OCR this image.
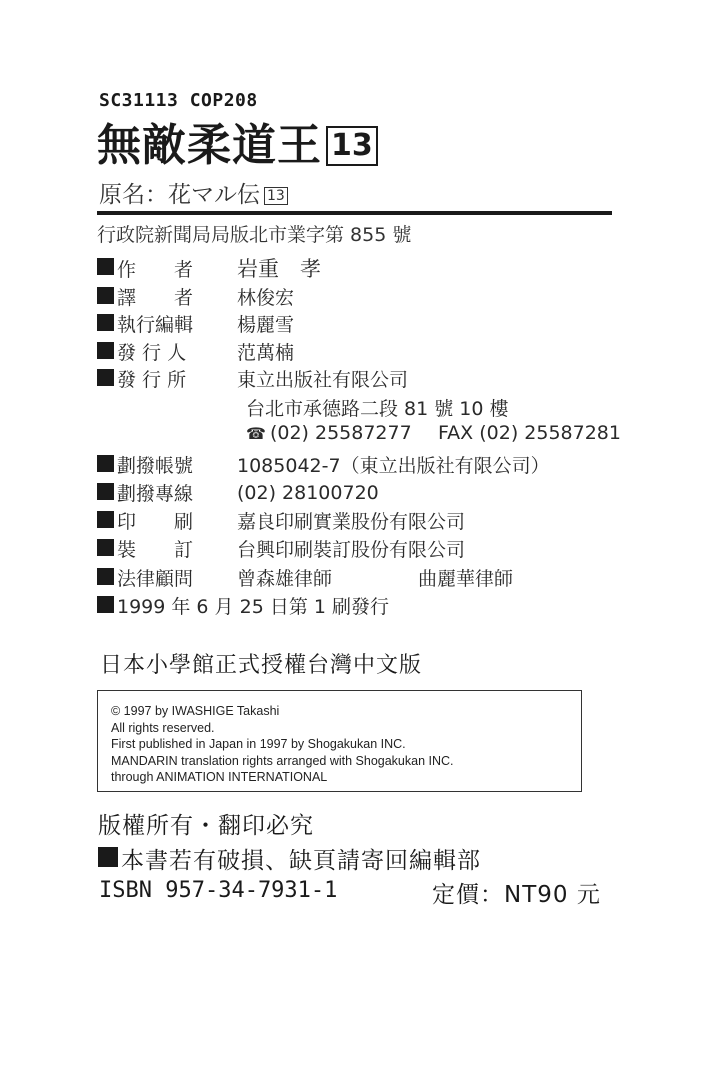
SC31113 COP208
無敵柔道王 13
原名：花マル伝 13
行政院新聞局局版北市業字第 855 號
作　　者 岩重　孝
譯　　者 林俊宏
執行編輯 楊麗雪
發 行 人	范萬楠
發 行 所	東立出版社有限公司
台北市承德路二段 81 號 10 樓
☎ (02) 25587277 FAX (02) 25587281
劃撥帳號 1085042-7（東立出版社有限公司）
劃撥專線 (02) 28100720
印　　刷 嘉良印刷實業股份有限公司
裝　　訂 台興印刷裝訂股份有限公司
法律顧問 曾森雄律師	曲麗華律師
1999 年 6 月 25 日第 1 刷發行
日本小學館正式授權台灣中文版
© 1997 by IWASHIGE Takashi
All rights reserved.
First published in Japan in 1997 by Shogakukan INC.
MANDARIN translation rights arranged with Shogakukan INC.
through ANIMATION INTERNATIONAL
版權所有・翻印必究
本書若有破損、缺頁請寄回編輯部
ISBN 957-34-7931-1	定價：NT90 元
